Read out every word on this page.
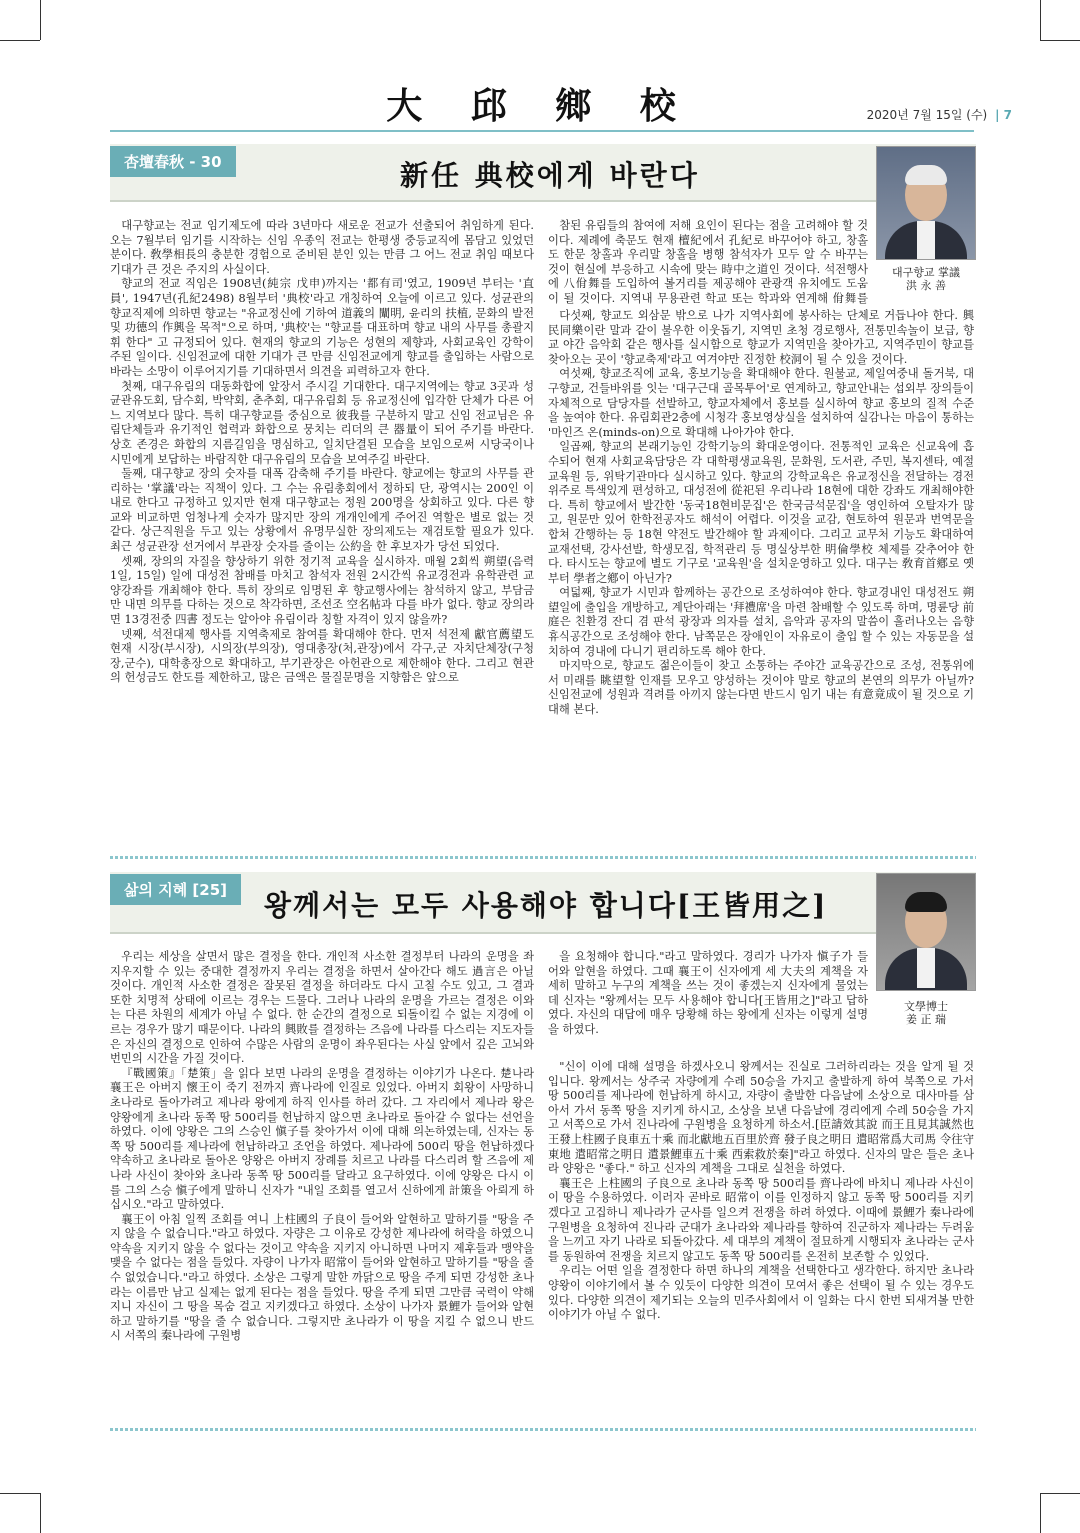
大 邱 鄉 校	2020년 7월 15일 (수) | 7
杏壇春秋 - 30	新任 典校에게 바란다
대구향교 掌議
洪 永 善

대구향교는 전교 임기제도에 따라 3년마다 새로운 전교가 선출되어 취임하게 된다. 오는 7월부터 임기를 시작하는 신임 우종익 전교는 한평생 중등교직에 몸담고 있었던 분이다. 敎學相長의 충분한 경험으로 준비된 분인 있는 만큼 그 어느 전교 취임 때보다 기대가 큰 것은 주지의 사실이다.

향교의 전교 직임은 1908년(純宗 戊申)까지는 '都有司'였고, 1909년 부터는 '直員', 1947년(孔紀2498) 8월부터 '典校'라고 개칭하여 오늘에 이르고 있다. 성균관의 향교직제에 의하면 향교는 "유교정신에 기하여 道義의 闡明, 윤리의 扶植, 문화의 발전 및 功德의 作興을 목적"으로 하며, '典校'는 "향교를 대표하며 향교 내의 사무를 총괄지휘 한다" 고 규정되어 있다. 현재의 향교의 기능은 성현의 제향과, 사회교육인 강학이 주된 일이다. 신임전교에 대한 기대가 큰 만큼 신임전교에게 향교를 출입하는 사람으로 바라는 소망이 이루어지기를 기대하면서 의견을 피력하고자 한다.

첫째, 대구유림의 대동화합에 앞장서 주시길 기대한다. 대구지역에는 향교 3곳과 성균관유도회, 담수회, 박약회, 춘추회, 대구유림회 등 유교정신에 입각한 단체가 다른 어느 지역보다 많다. 특히 대구향교를 중심으로 彼我를 구분하지 말고 신임 전교님은 유림단체들과 유기적인 협력과 화합으로 뭉치는 리더의 큰 器量이 되어 주기를 바란다. 상호 존경은 화합의 지름길임을 명심하고, 일치단결된 모습을 보임으로써 시당국이나 시민에게 보답하는 바람직한 대구유림의 모습을 보여주길 바란다.

둘째, 대구향교 장의 숫자를 대폭 감축해 주기를 바란다. 향교에는 향교의 사무를 관리하는 '掌議'라는 직책이 있다. 그 수는 유림총회에서 정하되 단, 광역시는 200인 이내로 한다고 규정하고 있지만 현재 대구향교는 정원 200명을 상회하고 있다. 다른 향교와 비교하면 엄청나게 숫자가 많지만 장의 개개인에게 주어진 역할은 별로 없는 것 같다. 상근직원을 두고 있는 상황에서 유명무실한 장의제도는 재검토할 필요가 있다. 최근 성균관장 선거에서 부관장 숫자를 줄이는 公約을 한 후보자가 당선 되었다.

셋째, 장의의 자질을 향상하기 위한 정기적 교육을 실시하자. 매월 2회씩 朔望(음력 1일, 15일) 일에 대성전 참배를 마치고 참석자 전원 2시간씩 유교경전과 유학관련 교양강좌를 개최해야 한다. 특히 장의로 임명된 후 향교행사에는 참석하지 않고, 부담금만 내면 의무를 다하는 것으로 착각하면, 조선조 空名帖과 다를 바가 없다. 향교 장의라면 13경전중 四書 정도는 알아야 유림이라 칭할 자격이 있지 않을까?

넷째, 석전대제 행사를 지역축제로 참여를 확대해야 한다. 먼저 석전제 獻官薦望도 현재 시장(부시장), 시의장(부의장), 영대총장(처,관장)에서 각구,군 자치단체장(구청장,군수), 대학총장으로 확대하고, 부기관장은 아헌관으로 제한해야 한다. 그리고 현관의 헌성금도 한도를 제한하고, 많은 금액은 물질문명을 지향함은 앞으로

참된 유림들의 참여에 저해 요인이 된다는 점을 고려해야 할 것이다. 제례에 축문도 현재 檀紀에서 孔紀로 바꾸어야 하고, 창홀도 한문 창홀과 우리말 창홀을 병행 참석자가 모두 알 수 바꾸는 것이 현실에 부응하고 시속에 맞는 時中之道인 것이다. 석전행사에 八佾舞를 도입하여 볼거리를 제공해야 관광객 유치에도 도움이 될 것이다. 지역내 무용관련 학교 또는 학과와 연계해 佾舞를

다섯째, 향교도 외삼문 밖으로 나가 지역사회에 봉사하는 단체로 거듭나야 한다. 興民同樂이란 말과 같이 불우한 이웃돕기, 지역민 초청 경로행사, 전통민속놀이 보급, 향교 야간 음악회 같은 행사를 실시함으로 향교가 지역민을 찾아가고, 지역주민이 향교를 찾아오는 곳이 '향교축제'라고 여겨야만 진정한 校洞이 될 수 있을 것이다.

여섯째, 향교조직에 교육, 홍보기능을 확대해야 한다. 원불교, 제일여중내 돌거북, 대구향교, 건들바위를 잇는 '대구근대 골목투어'로 연계하고, 향교안내는 섭외부 장의들이 자체적으로 담당자를 선발하고, 향교자체에서 홍보를 실시하여 향교 홍보의 질적 수준을 높여야 한다. 유림회관2층에 시청각 홍보영상실을 설치하여 실감나는 마음이 통하는 '마인즈 온(minds-on)으로 확대해 나아가야 한다.

일곱째, 향교의 본래기능인 강학기능의 확대운영이다. 전통적인 교육은 신교육에 흡수되어 현재 사회교육담당은 각 대학평생교육원, 문화원, 도서관, 주민, 복지센타, 예절교육원 등, 위탁기관마다 실시하고 있다. 향교의 강학교육은 유교정신을 전달하는 경전위주로 특색있게 편성하고, 대성전에 從祀된 우리나라 18현에 대한 강좌도 개최해야한다. 특히 향교에서 발간한 '동국18현비문집'은 한국금석문집'을 영인하여 오탈자가 많고, 원문만 있어 한학전공자도 해석이 어렵다. 이것을 교감, 현토하여 원문과 번역문을 합쳐 간행하는 등 18현 약전도 발간해야 할 과제이다. 그리고 교무처 기능도 확대하여 교재선택, 강사선발, 학생모집, 학적관리 등 명실상부한 明倫學校 체제를 갖추어야 한다. 타시도는 향교에 별도 기구로 '교육원'을 설치운영하고 있다. 대구는 敎育首鄕로 옛부터 學者之鄕이 아닌가?

여덟째, 향교가 시민과 함께하는 공간으로 조성하여야 한다. 향교경내인 대성전도 朔望일에 출입을 개방하고, 계단아래는 '拜禮席'을 마련 참배할 수 있도록 하며, 명륜당 前庭은 친환경 잔디 겸 판석 광장과 의자를 설치, 음악과 공자의 말씀이 흘러나오는 음향 휴식공간으로 조성해야 한다. 남쪽문은 장애인이 자유로이 출입 할 수 있는 자동문을 설치하여 경내에 다니기 편리하도록 해야 한다.

마지막으로, 향교도 젊은이들이 찾고 소통하는 주야간 교육공간으로 조성, 전통위에서 미래를 眺望할 인재를 모우고 양성하는 것이야 말로 향교의 본연의 의무가 아닐까? 신임전교에 성원과 격려를 아끼지 않는다면 반드시 임기 내는 有意竟成이 될 것으로 기대해 본다.

삶의 지혜 [25]	왕께서는 모두 사용해야 합니다[王皆用之]
文學博士
姜 正 瑞

우리는 세상을 살면서 많은 결정을 한다. 개인적 사소한 결정부터 나라의 운명을 좌지우지할 수 있는 중대한 결정까지 우리는 결정을 하면서 살아간다 해도 過言은 아닐 것이다. 개인적 사소한 결정은 잘못된 결정을 하더라도 다시 고칠 수도 있고, 그 결과 또한 치명적 상태에 이르는 경우는 드물다. 그러나 나라의 운명을 가르는 결정은 이와는 다른 차원의 세계가 아닐 수 없다. 한 순간의 결정으로 되돌이킬 수 없는 지경에 이르는 경우가 많기 때문이다. 나라의 興敗를 결정하는 즈음에 나라를 다스리는 지도자들은 자신의 결정으로 인하여 수많은 사람의 운명이 좌우된다는 사실 앞에서 깊은 고뇌와 번민의 시간을 가질 것이다.

『戰國策』「楚策」을 읽다 보면 나라의 운명을 결정하는 이야기가 나온다. 楚나라 襄王은 아버지 懷王이 죽기 전까지 齊나라에 인질로 있었다. 아버지 회왕이 사망하니 초나라로 돌아가려고 제나라 왕에게 하직 인사를 하러 갔다. 그 자리에서 제나라 왕은 양왕에게 초나라 동쪽 땅 500리를 헌납하지 않으면 초나라로 돌아갈 수 없다는 선언을 하였다. 이에 양왕은 그의 스승인 愼子를 찾아가서 이에 대해 의논하였는데, 신자는 동쪽 땅 500리를 제나라에 헌납하라고 조언을 하였다. 제나라에 500리 땅을 헌납하겠다 약속하고 초나라로 돌아온 양왕은 아버지 장례를 치르고 나라를 다스리려 할 즈음에 제나라 사신이 찾아와 초나라 동쪽 땅 500리를 달라고 요구하였다. 이에 양왕은 다시 이를 그의 스승 愼子에게 말하니 신자가 "내일 조회를 열고서 신하에게 計策을 아뢰게 하십시오."라고 말하였다.

襄王이 아침 일찍 조회를 여니 上柱國의 子良이 들어와 알현하고 말하기를 "땅을 주지 않을 수 없습니다."라고 하였다. 자량은 그 이유로 강성한 제나라에 허락을 하였으니 약속을 지키지 않을 수 없다는 것이고 약속을 지키지 아니하면 나머지 제후들과 맹약을 맺을 수 없다는 점을 들었다. 자량이 나가자 昭常이 들어와 알현하고 말하기를 "땅을 줄 수 없었습니다."라고 하였다. 소상은 그렇게 말한 까닭으로 땅을 주게 되면 강성한 초나라는 이름만 남고 실제는 없게 된다는 점을 들었다. 땅을 주게 되면 그만큼 국력이 약해지니 자신이 그 땅을 목숨 걸고 지키겠다고 하였다. 소상이 나가자 景鯉가 들어와 알현하고 말하기를 "땅을 줄 수 없습니다. 그렇지만 초나라가 이 땅을 지킬 수 없으니 반드시 서쪽의 秦나라에 구원병

을 요청해야 합니다."라고 말하였다. 경리가 나가자 愼子가 들어와 알현을 하였다. 그때 襄王이 신자에게 세 大夫의 계책을 자세히 말하고 누구의 계책을 쓰는 것이 좋겠는지 신자에게 물었는데 신자는 "왕께서는 모두 사용해야 합니다[王皆用之]"라고 답하였다. 자신의 대답에 매우 당황해 하는 왕에게 신자는 이렇게 설명을 하였다.

"신이 이에 대해 설명을 하겠사오니 왕께서는 진실로 그러하리라는 것을 알게 될 것입니다. 왕께서는 상주국 자량에게 수레 50승을 가지고 출발하게 하여 북쪽으로 가서 땅 500리를 제나라에 헌납하게 하시고, 자량이 출발한 다음날에 소상으로 대사마를 삼아서 가서 동쪽 땅을 지키게 하시고, 소상을 보낸 다음날에 경리에게 수레 50승을 가지고 서쪽으로 가서 진나라에 구원병을 요청하게 하소서.[臣請效其說 而王且見其誠然也 王發上柱國子良車五十乘 而北獻地五百里於齊 發子良之明日 遣昭常爲大司馬 令往守東地 遣昭常之明日 遣景鯉車五十乘 西索救於秦]"라고 하였다. 신자의 말은 들은 초나라 양왕은 "좋다." 하고 신자의 계책을 그대로 실천을 하였다.

襄王은 上柱國의 子良으로 초나라 동쪽 땅 500리를 齊나라에 바치니 제나라 사신이 이 땅을 수용하였다. 이러자 곧바로 昭常이 이를 인정하지 않고 동쪽 땅 500리를 지키겠다고 고집하니 제나라가 군사를 일으켜 전쟁을 하려 하였다. 이때에 景鯉가 秦나라에 구원병을 요청하여 진나라 군대가 초나라와 제나라를 향하여 진군하자 제나라는 두려움을 느끼고 자기 나라로 되돌아갔다. 세 대부의 계책이 절묘하게 시행되자 초나라는 군사를 동원하여 전쟁을 치르지 않고도 동쪽 땅 500리를 온전히 보존할 수 있었다.

우리는 어떤 일을 결정한다 하면 하나의 계책을 선택한다고 생각한다. 하지만 초나라 양왕이 이야기에서 볼 수 있듯이 다양한 의견이 모여서 좋은 선택이 될 수 있는 경우도 있다. 다양한 의견이 제기되는 오늘의 민주사회에서 이 일화는 다시 한번 되새겨볼 만한 이야기가 아닐 수 없다.
